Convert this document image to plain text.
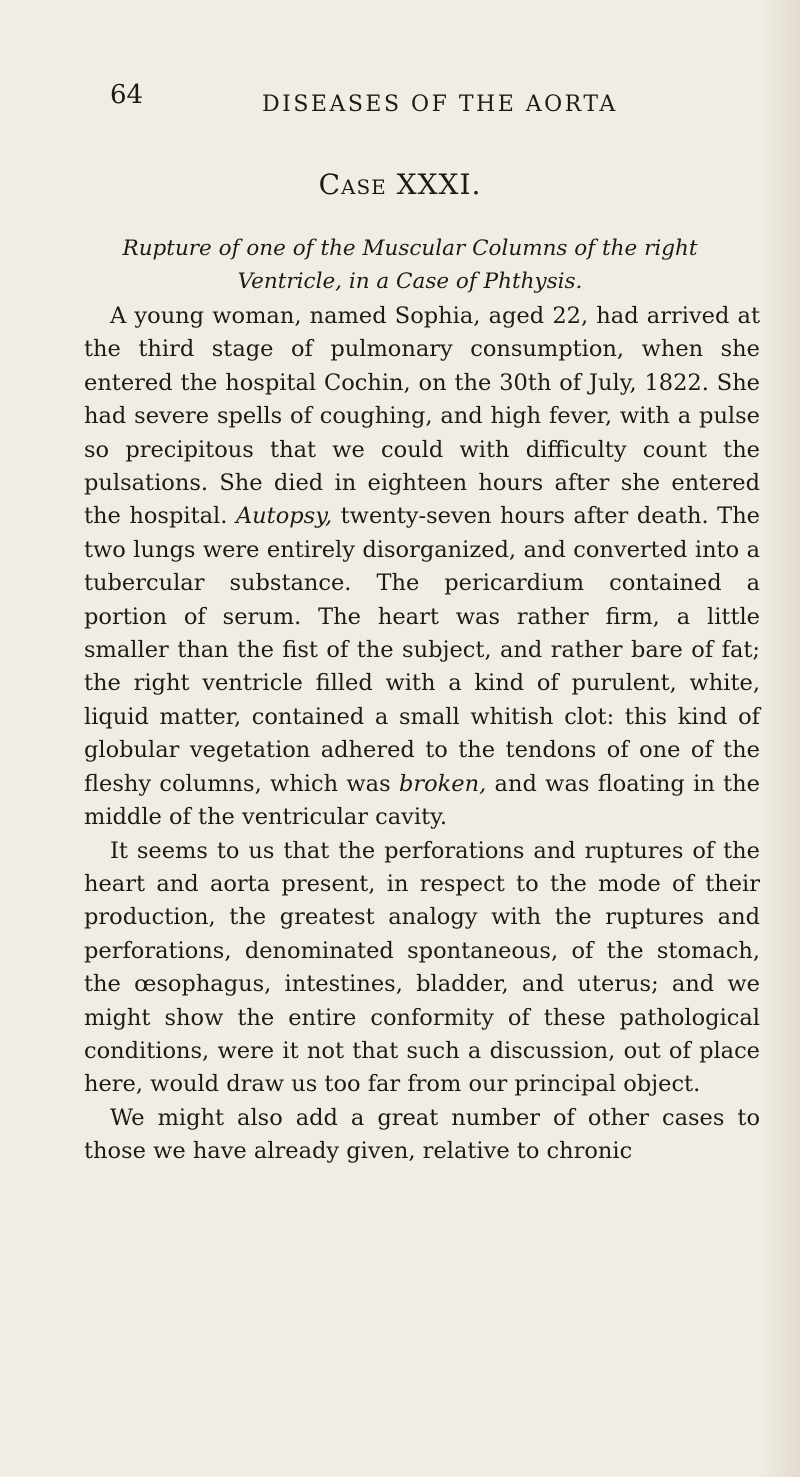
64	DISEASES OF THE AORTA
Case XXXI.
Rupture of one of the Muscular Columns of the right Ventricle, in a Case of Phthysis.

A young woman, named Sophia, aged 22, had arrived at the third stage of pulmonary consumption, when she entered the hospital Cochin, on the 30th of July, 1822. She had severe spells of coughing, and high fever, with a pulse so precipitous that we could with difficulty count the pulsations. She died in eighteen hours after she entered the hospital. Autopsy, twenty-seven hours after death. The two lungs were entirely disorganized, and converted into a tubercular substance. The pericardium contained a portion of serum. The heart was rather firm, a little smaller than the fist of the subject, and rather bare of fat; the right ventricle filled with a kind of purulent, white, liquid matter, contained a small whitish clot: this kind of globular vegetation adhered to the tendons of one of the fleshy columns, which was broken, and was floating in the middle of the ventricular cavity.

It seems to us that the perforations and ruptures of the heart and aorta present, in respect to the mode of their production, the greatest analogy with the ruptures and perforations, denominated spontaneous, of the stomach, the œsophagus, intestines, bladder, and uterus; and we might show the entire conformity of these pathological conditions, were it not that such a discussion, out of place here, would draw us too far from our principal object.

We might also add a great number of other cases to those we have already given, relative to chronic
